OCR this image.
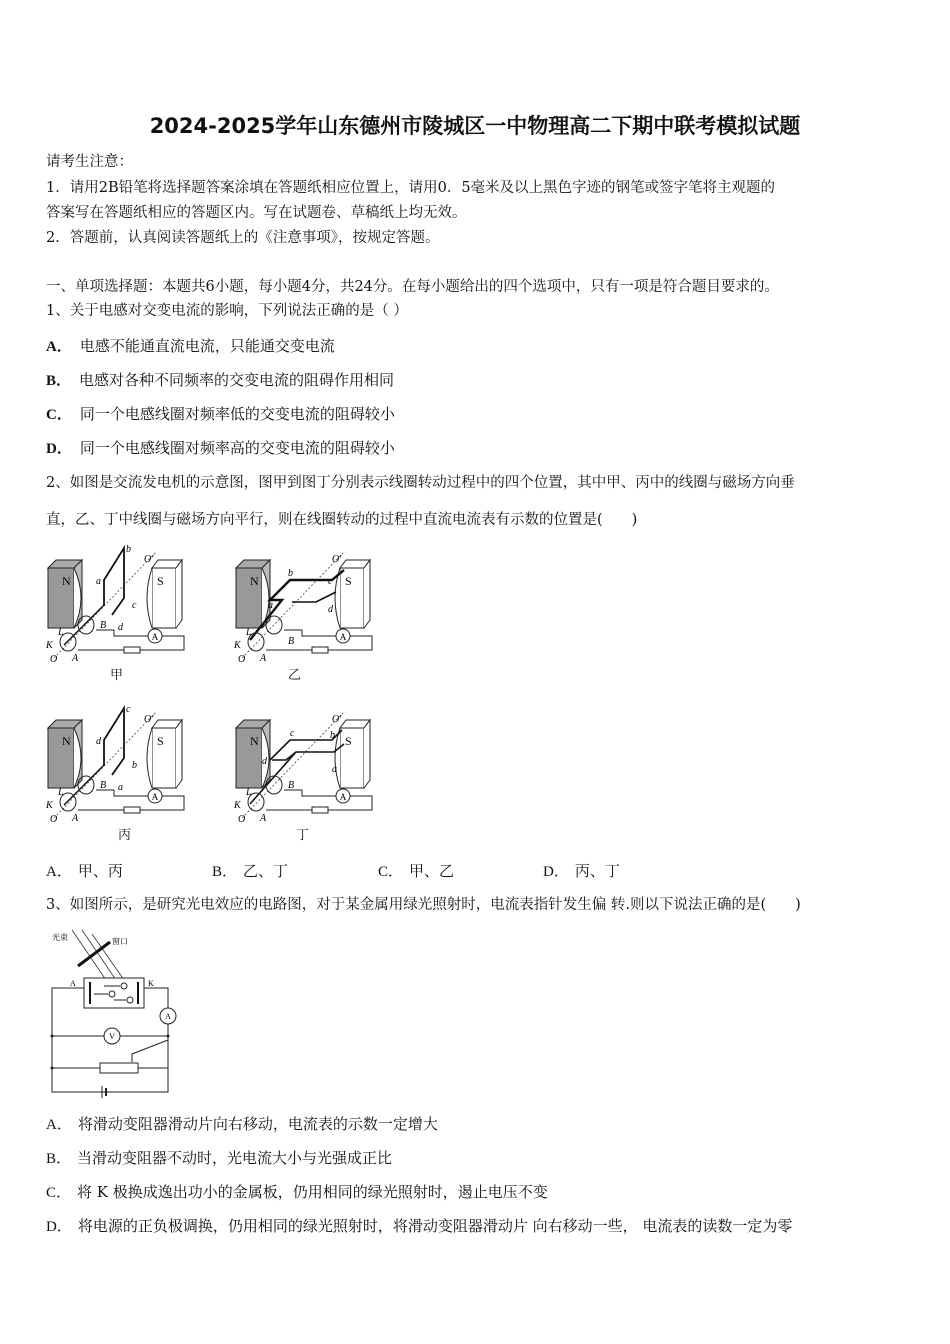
2024-2025学年山东德州市陵城区一中物理高二下期中联考模拟试题
请考生注意：
1．请用2B铅笔将选择题答案涂填在答题纸相应位置上，请用0．5毫米及以上黑色字迹的钢笔或签字笔将主观题的
答案写在答题纸相应的答题区内。写在试题卷、草稿纸上均无效。
2．答题前，认真阅读答题纸上的《注意事项》，按规定答题。
一、单项选择题：本题共6小题，每小题4分，共24分。在每小题给出的四个选项中，只有一项是符合题目要求的。
1、关于电感对交变电流的影响，下列说法正确的是（ ）
A． 电感不能通直流电流，只能通交变电流
B． 电感对各种不同频率的交变电流的阻碍作用相同
C． 同一个电感线圈对频率低的交变电流的阻碍较小
D． 同一个电感线圈对频率高的交变电流的阻碍较小
2、如图是交流发电机的示意图，图甲到图丁分别表示线圈转动过程中的四个位置，其中甲、丙中的线圈与磁场方向垂
直，乙、丁中线圈与磁场方向平行，则在线圈转动的过程中直流电流表有示数的位置是(　　)
A
N	S
b
a
c
d
O′
L
K
O A
B
甲
A
N	S
b
a
c
d
O′
L
K
O A
B
乙
A
N	S
c
d
b
a
O′
L
K
O A
B
丙
A
N	S
c
d
b
a
O′
L
K
O A
B
丁
A． 甲、丙	B． 乙、丁	C． 甲、乙	D． 丙、丁
3、如图所示，是研究光电效应的电路图，对于某金属用绿光照射时，电流表指针发生偏 转.则以下说法正确的是(　　)
光束	窗口
A	K
A
V
A． 将滑动变阻器滑动片向右移动，电流表的示数一定增大
B． 当滑动变阻器不动时，光电流大小与光强成正比
C． 将 K 极换成逸出功小的金属板，仍用相同的绿光照射时，遏止电压不变
D． 将电源的正负极调换，仍用相同的绿光照射时，将滑动变阻器滑动片 向右移动一些， 电流表的读数一定为零
